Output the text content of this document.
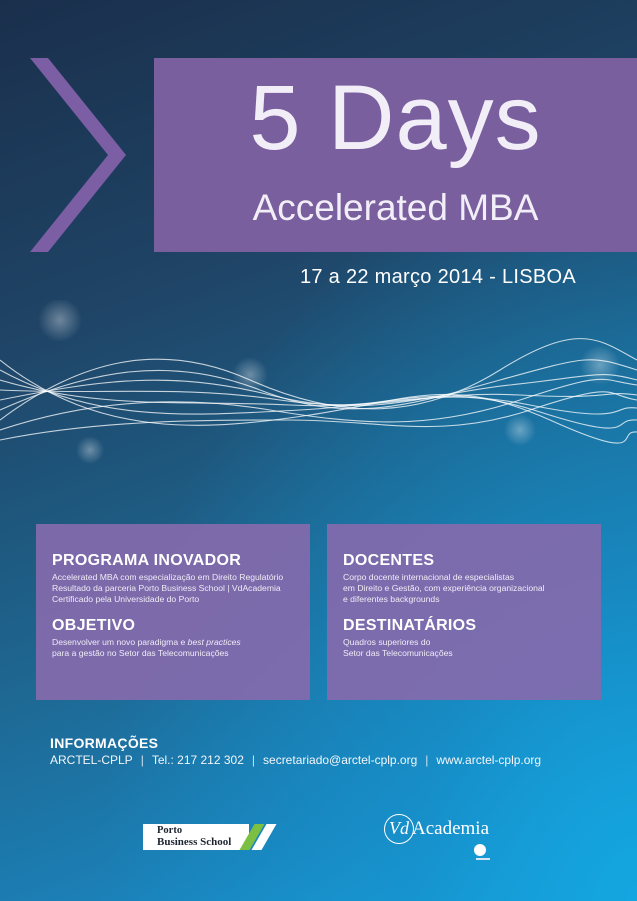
5 Days
Accelerated MBA
17 a 22 março 2014 - LISBOA
PROGRAMA INOVADOR
Accelerated MBA com especialização em Direito Regulatório
Resultado da parceria Porto Business School | VdAcademia
Certificado pela Universidade do Porto
OBJETIVO
Desenvolver um novo paradigma e best practices
para a gestão no Setor das Telecomunicações
DOCENTES
Corpo docente internacional de especialistas
em Direito e Gestão, com experiência organizacional
e diferentes backgrounds
DESTINATÁRIOS
Quadros superiores do
Setor das Telecomunicações
INFORMAÇÕES
ARCTEL-CPLP | Tel.: 217 212 302 | secretariado@arctel-cplp.org | www.arctel-cplp.org
Porto
Business School
Vd Academia
